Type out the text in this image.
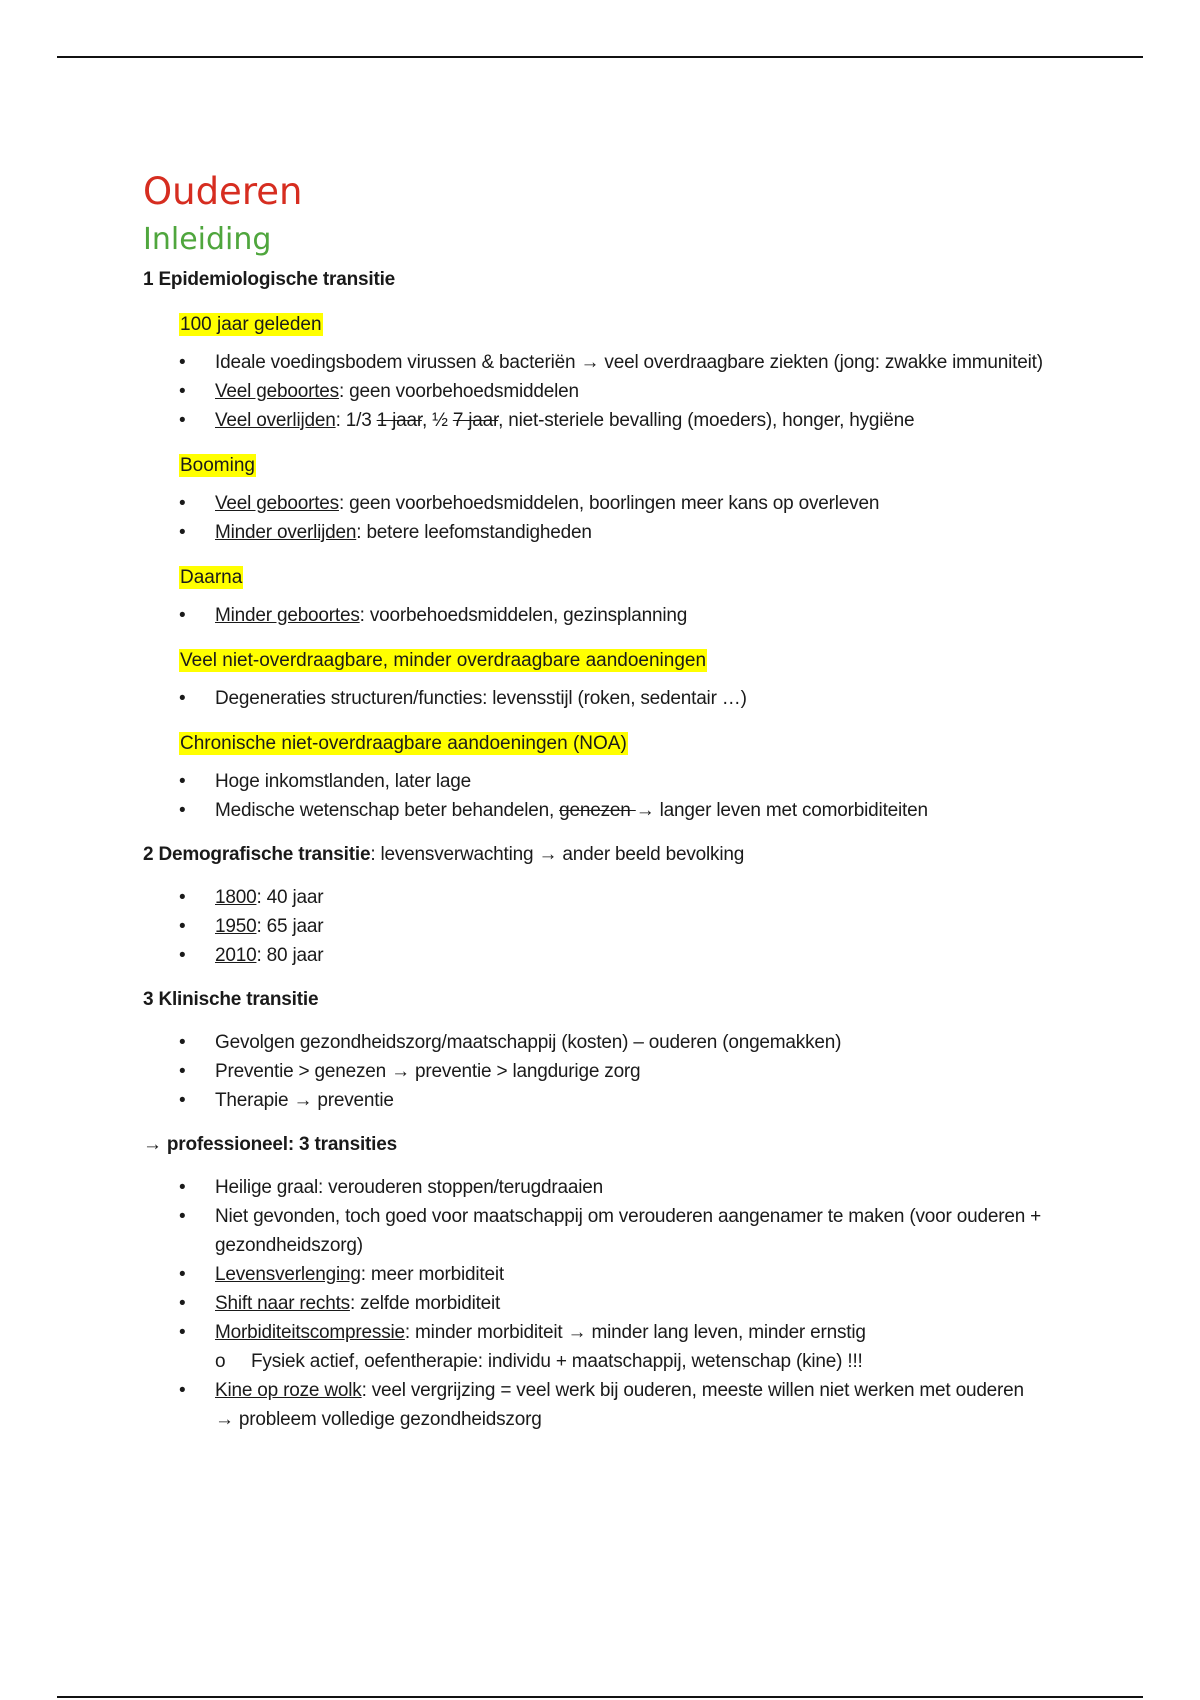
Ouderen
Inleiding
1 Epidemiologische transitie
100 jaar geleden
• Ideale voedingsbodem virussen & bacteriën → veel overdraagbare ziekten (jong: zwakke immuniteit)
• Veel geboortes: geen voorbehoedsmiddelen
• Veel overlijden: 1/3 1 jaar, ½ 7 jaar, niet-steriele bevalling (moeders), honger, hygiëne
Booming
• Veel geboortes: geen voorbehoedsmiddelen, boorlingen meer kans op overleven
• Minder overlijden: betere leefomstandigheden
Daarna
• Minder geboortes: voorbehoedsmiddelen, gezinsplanning
Veel niet-overdraagbare, minder overdraagbare aandoeningen
• Degeneraties structuren/functies: levensstijl (roken, sedentair …)
Chronische niet-overdraagbare aandoeningen (NOA)
• Hoge inkomstlanden, later lage
• Medische wetenschap beter behandelen, genezen → langer leven met comorbiditeiten
2 Demografische transitie: levensverwachting → ander beeld bevolking
• 1800: 40 jaar
• 1950: 65 jaar
• 2010: 80 jaar
3 Klinische transitie
• Gevolgen gezondheidszorg/maatschappij (kosten) – ouderen (ongemakken)
• Preventie > genezen → preventie > langdurige zorg
• Therapie → preventie
→ professioneel: 3 transities
• Heilige graal: verouderen stoppen/terugdraaien
• Niet gevonden, toch goed voor maatschappij om verouderen aangenamer te maken (voor ouderen + gezondheidszorg)
• Levensverlenging: meer morbiditeit
• Shift naar rechts: zelfde morbiditeit
• Morbiditeitscompressie: minder morbiditeit → minder lang leven, minder ernstig
o Fysiek actief, oefentherapie: individu + maatschappij, wetenschap (kine) !!!
• Kine op roze wolk: veel vergrijzing = veel werk bij ouderen, meeste willen niet werken met ouderen → probleem volledige gezondheidszorg
